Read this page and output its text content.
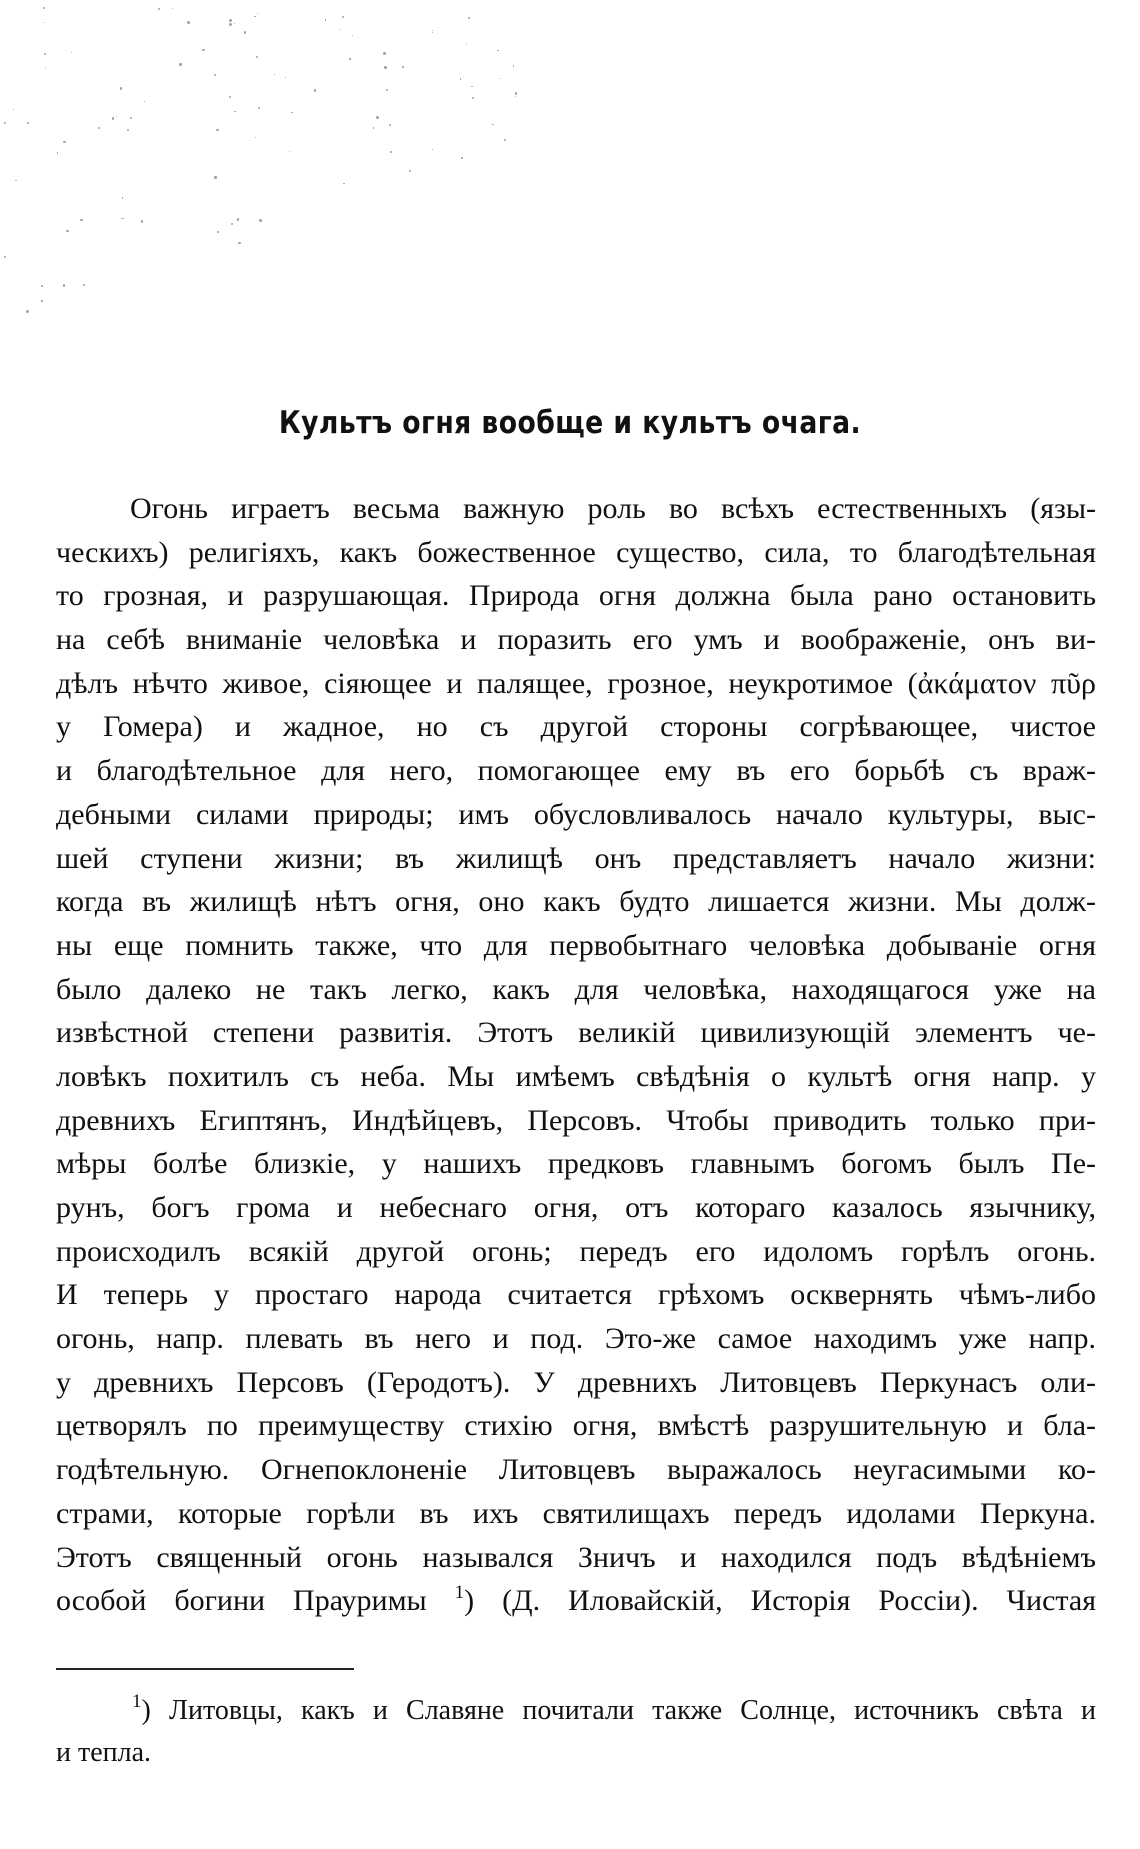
Культъ огня вообще и культъ очага.
Огонь играетъ весьма важную роль во всѣхъ естественныхъ (язы-
ческихъ) религіяхъ, какъ божественное существо, сила, то благодѣтельная
то грозная, и разрушающая. Природа огня должна была рано остановить
на себѣ вниманіе человѣка и поразить его умъ и воображеніе, онъ ви-
дѣлъ нѣчто живое, сіяющее и палящее, грозное, неукротимое (ἀκάματον πῦρ
у Гомера) и жадное, но съ другой стороны согрѣвающее, чистое
и благодѣтельное для него, помогающее ему въ его борьбѣ съ враж-
дебными силами природы; имъ обусловливалось начало культуры, выс-
шей ступени жизни; въ жилищѣ онъ представляетъ начало жизни:
когда въ жилищѣ нѣтъ огня, оно какъ будто лишается жизни. Мы долж-
ны еще помнить также, что для первобытнаго человѣка добываніе огня
было далеко не такъ легко, какъ для человѣка, находящагося уже на
извѣстной степени развитія. Этотъ великій цивилизующій элементъ че-
ловѣкъ похитилъ съ неба. Мы имѣемъ свѣдѣнія о культѣ огня напр. у
древнихъ Египтянъ, Индѣйцевъ, Персовъ. Чтобы приводить только при-
мѣры болѣе близкіе, у нашихъ предковъ главнымъ богомъ былъ Пе-
рунъ, богъ грома и небеснаго огня, отъ котораго казалось язычнику,
происходилъ всякій другой огонь; передъ его идоломъ горѣлъ огонь.
И теперь у простаго народа считается грѣхомъ осквернять чѣмъ-либо
огонь, напр. плевать въ него и под. Это-же самое находимъ уже напр.
у древнихъ Персовъ (Геродотъ). У древнихъ Литовцевъ Перкунасъ оли-
цетворялъ по преимуществу стихію огня, вмѣстѣ разрушительную и бла-
годѣтельную. Огнепоклоненіе Литовцевъ выражалось неугасимыми ко-
страми, которые горѣли въ ихъ святилищахъ передъ идолами Перкуна.
Этотъ священный огонь назывался Зничъ и находился подъ вѣдѣніемъ
особой богини Прауримы $^1$) (Д. Иловайскій, Исторія Россіи). Чистая
$^1$) Литовцы, какъ и Славяне почитали также Солнце, источникъ свѣта и
и тепла.
